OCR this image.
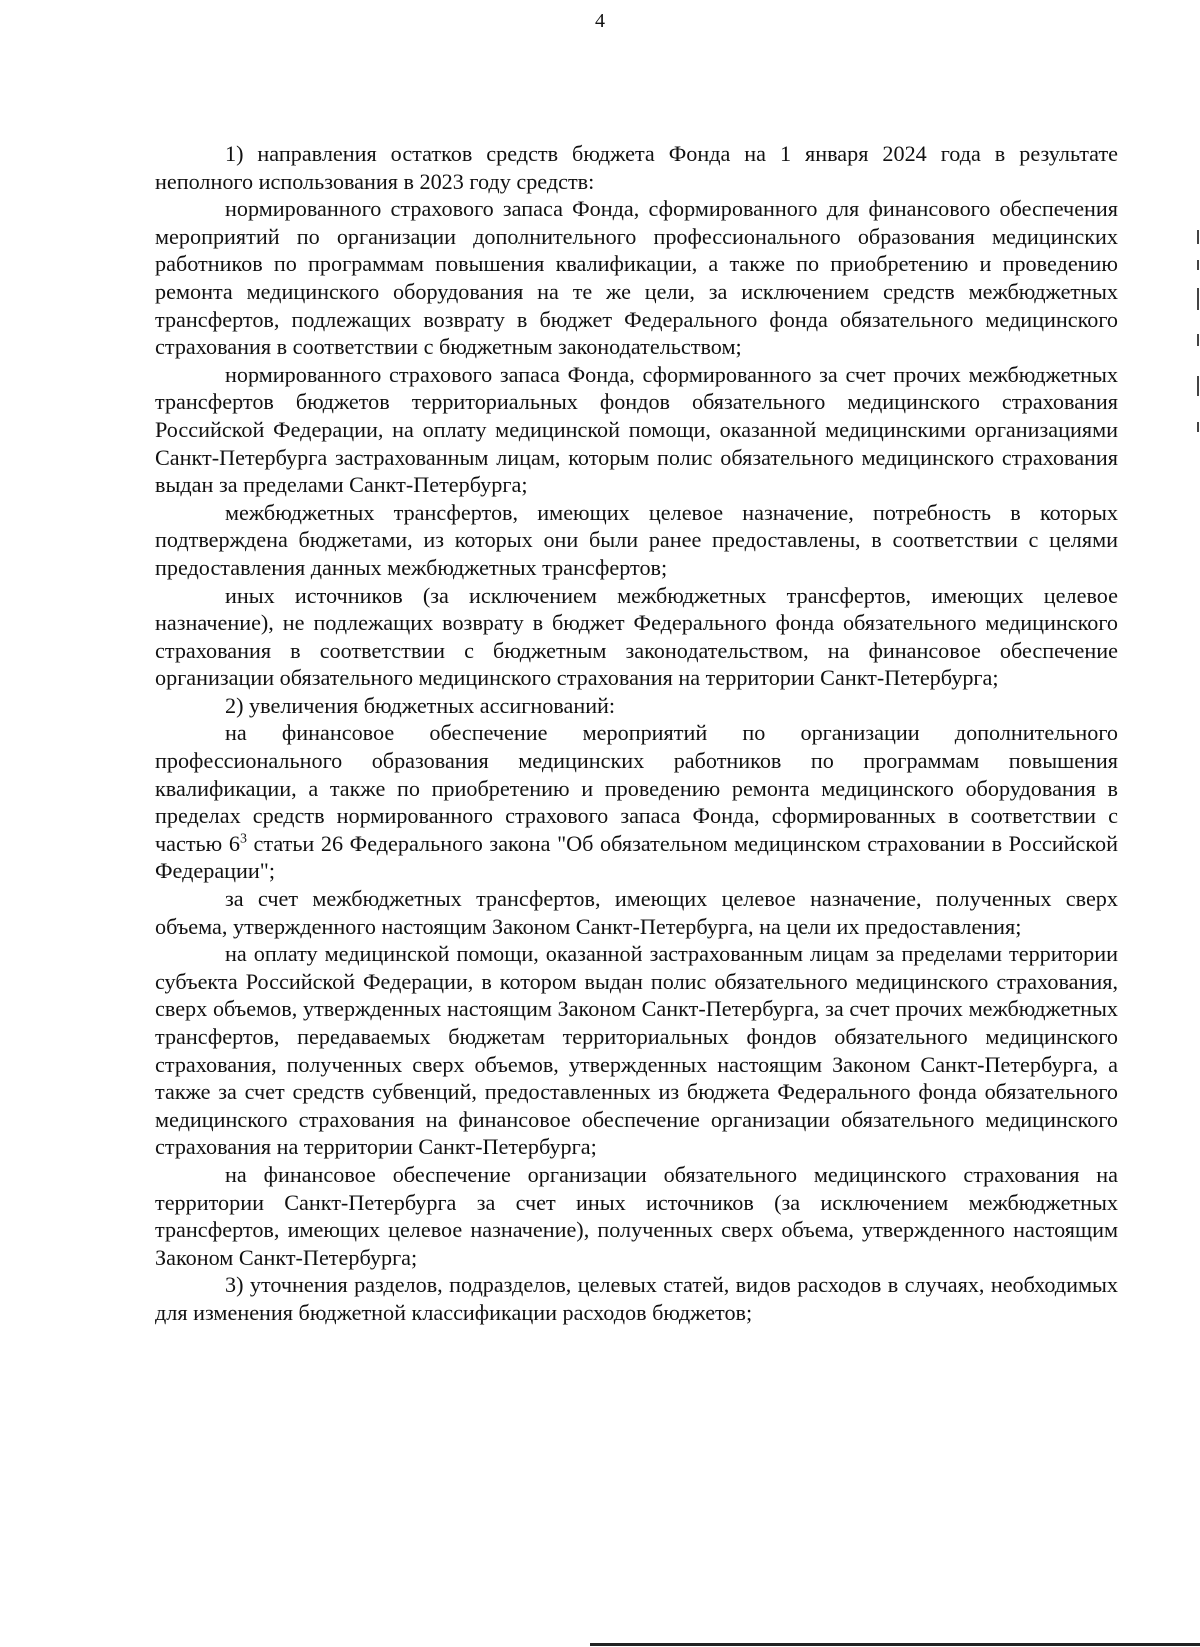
4

1) направления остатков средств бюджета Фонда на 1 января 2024 года в результате неполного использования в 2023 году средств:

нормированного страхового запаса Фонда, сформированного для финансового обеспечения мероприятий по организации дополнительного профессионального образования медицинских работников по программам повышения квалификации, а также по приобретению и проведению ремонта медицинского оборудования на те же цели, за исключением средств межбюджетных трансфертов, подлежащих возврату в бюджет Федерального фонда обязательного медицинского страхования в соответствии с бюджетным законодательством;

нормированного страхового запаса Фонда, сформированного за счет прочих межбюджетных трансфертов бюджетов территориальных фондов обязательного медицинского страхования Российской Федерации, на оплату медицинской помощи, оказанной медицинскими организациями Санкт-Петербурга застрахованным лицам, которым полис обязательного медицинского страхования выдан за пределами Санкт-Петербурга;

межбюджетных трансфертов, имеющих целевое назначение, потребность в которых подтверждена бюджетами, из которых они были ранее предоставлены, в соответствии с целями предоставления данных межбюджетных трансфертов;

иных источников (за исключением межбюджетных трансфертов, имеющих целевое назначение), не подлежащих возврату в бюджет Федерального фонда обязательного медицинского страхования в соответствии с бюджетным законодательством, на финансовое обеспечение организации обязательного медицинского страхования на территории Санкт-Петербурга;

2) увеличения бюджетных ассигнований:

на финансовое обеспечение мероприятий по организации дополнительного профессионального образования медицинских работников по программам повышения квалификации, а также по приобретению и проведению ремонта медицинского оборудования в пределах средств нормированного страхового запаса Фонда, сформированных в соответствии с частью $6^3$ статьи 26 Федерального закона "Об обязательном медицинском страховании в Российской Федерации";

за счет межбюджетных трансфертов, имеющих целевое назначение, полученных сверх объема, утвержденного настоящим Законом Санкт-Петербурга, на цели их предоставления;

на оплату медицинской помощи, оказанной застрахованным лицам за пределами территории субъекта Российской Федерации, в котором выдан полис обязательного медицинского страхования, сверх объемов, утвержденных настоящим Законом Санкт-Петербурга, за счет прочих межбюджетных трансфертов, передаваемых бюджетам территориальных фондов обязательного медицинского страхования, полученных сверх объемов, утвержденных настоящим Законом Санкт-Петербурга, а также за счет средств субвенций, предоставленных из бюджета Федерального фонда обязательного медицинского страхования на финансовое обеспечение организации обязательного медицинского страхования на территории Санкт-Петербурга;

на финансовое обеспечение организации обязательного медицинского страхования на территории Санкт-Петербурга за счет иных источников (за исключением межбюджетных трансфертов, имеющих целевое назначение), полученных сверх объема, утвержденного настоящим Законом Санкт-Петербурга;

3) уточнения разделов, подразделов, целевых статей, видов расходов в случаях, необходимых для изменения бюджетной классификации расходов бюджетов;
